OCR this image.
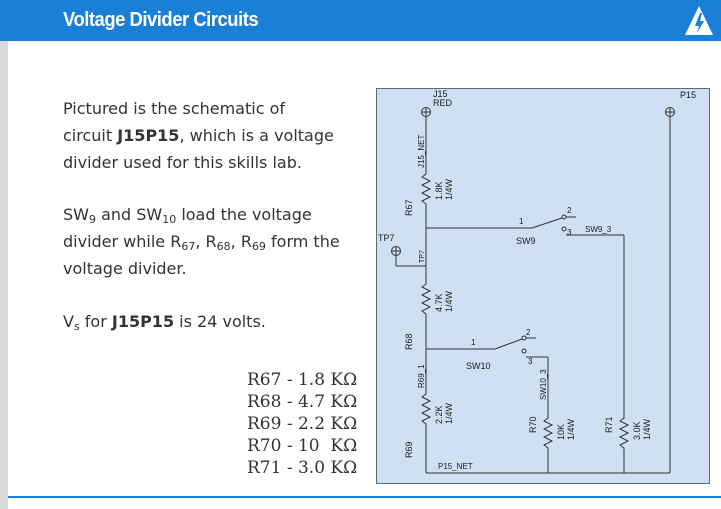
Voltage Divider Circuits
Pictured is the schematic of
circuit J15P15, which is a voltage
divider used for this skills lab.
$SW_9$ and $SW_{10}$ load the voltage
divider while $R_{67}$, $R_{68}$, $R_{69}$ form the
voltage divider.
$V_s$ for J15P15 is 24 volts.
R67 - 1.8 KΩ
R68 - 4.7 KΩ
R69 - 2.2 KΩ
R70 - 10  KΩ
R71 - 3.0 KΩ
J15
RED
P15
J15_NET
R67
1.8K 1/4W
1
2
3
SW9
SW9_3
TP7
TP7
R68
4.7K 1/4W
1
2
3
SW10
SW10_3
R69_1
R69
2.2K 1/4W
R70 10K 1/4W	R71 3.0K 1/4W
P15_NET
